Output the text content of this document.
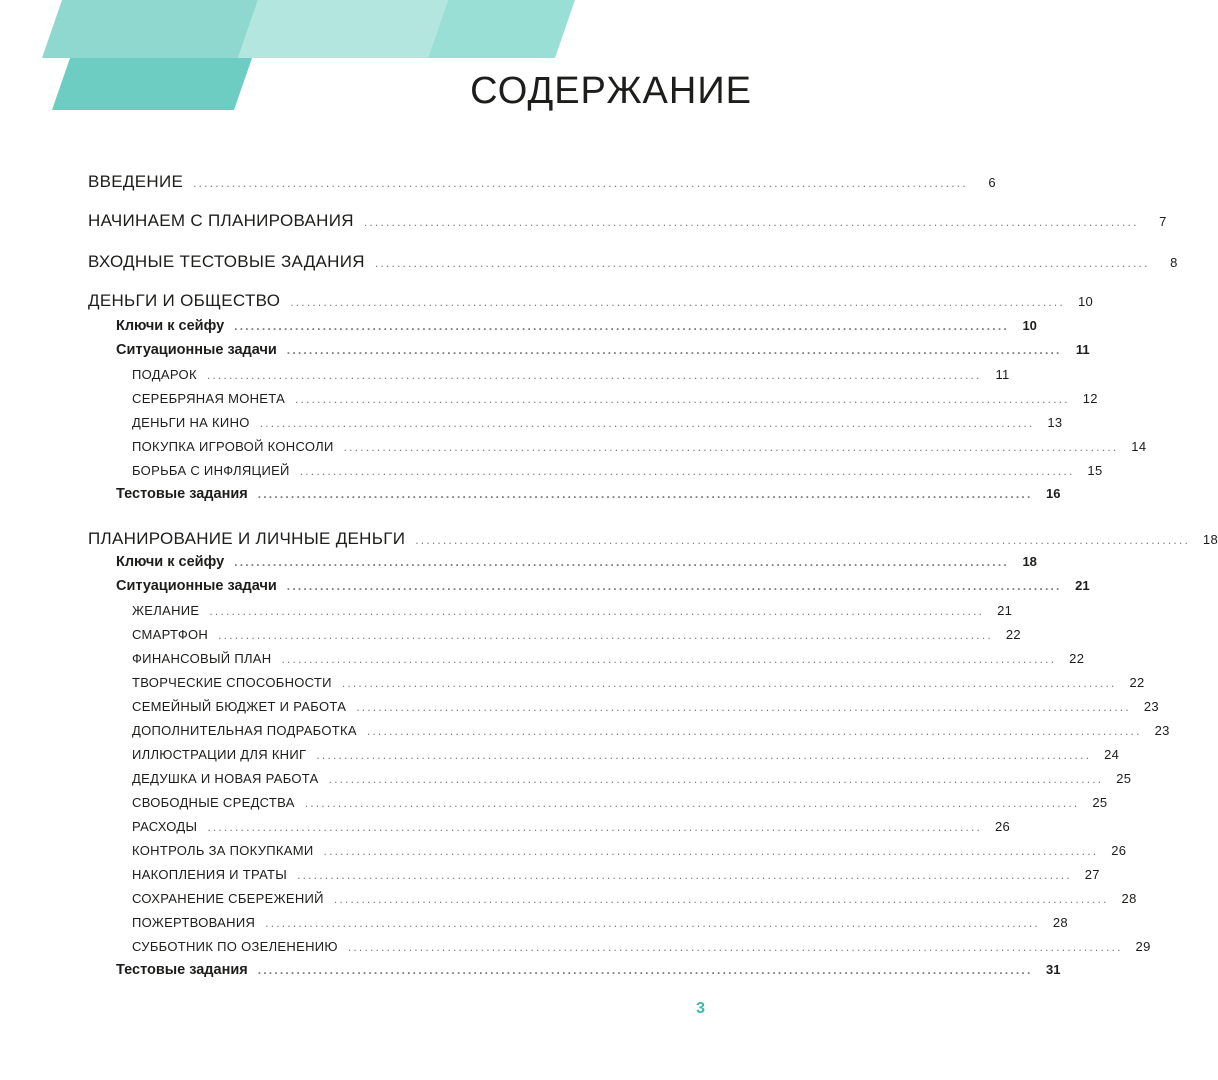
СОДЕРЖАНИЕ
ВВЕДЕНИЕ ............................................................................................................................................	6
НАЧИНАЕМ С ПЛАНИРОВАНИЯ ............................................................................................................................................	7
ВХОДНЫЕ ТЕСТОВЫЕ ЗАДАНИЯ ............................................................................................................................................	8
ДЕНЬГИ И ОБЩЕСТВО ............................................................................................................................................ 10
Ключи к сейфу ............................................................................................................................................	10
Ситуационные задачи ............................................................................................................................................	11
ПОДАРОК ............................................................................................................................................	11
СЕРЕБРЯНАЯ МОНЕТА ............................................................................................................................................ 12
ДЕНЬГИ НА КИНО ............................................................................................................................................ 13
ПОКУПКА ИГРОВОЙ КОНСОЛИ ............................................................................................................................................ 14
БОРЬБА С ИНФЛЯЦИЕЙ ............................................................................................................................................ 15
Тестовые задания ............................................................................................................................................	16
ПЛАНИРОВАНИЕ И ЛИЧНЫЕ ДЕНЬГИ ............................................................................................................................................ 18
Ключи к сейфу ............................................................................................................................................	18
Ситуационные задачи ............................................................................................................................................	21
ЖЕЛАНИЕ ............................................................................................................................................ 21
СМАРТФОН ............................................................................................................................................ 22
ФИНАНСОВЫЙ ПЛАН ............................................................................................................................................ 22
ТВОРЧЕСКИЕ СПОСОБНОСТИ ............................................................................................................................................ 22
СЕМЕЙНЫЙ БЮДЖЕТ И РАБОТА ............................................................................................................................................ 23
ДОПОЛНИТЕЛЬНАЯ ПОДРАБОТКА ............................................................................................................................................ 23
ИЛЛЮСТРАЦИИ ДЛЯ КНИГ ............................................................................................................................................ 24
ДЕДУШКА И НОВАЯ РАБОТА ............................................................................................................................................ 25
СВОБОДНЫЕ СРЕДСТВА ............................................................................................................................................ 25
РАСХОДЫ ............................................................................................................................................ 26
КОНТРОЛЬ ЗА ПОКУПКАМИ ............................................................................................................................................ 26
НАКОПЛЕНИЯ И ТРАТЫ ............................................................................................................................................ 27
СОХРАНЕНИЕ СБЕРЕЖЕНИЙ ............................................................................................................................................ 28
ПОЖЕРТВОВАНИЯ ............................................................................................................................................ 28
СУББОТНИК ПО ОЗЕЛЕНЕНИЮ ............................................................................................................................................ 29
Тестовые задания ............................................................................................................................................	31
3
